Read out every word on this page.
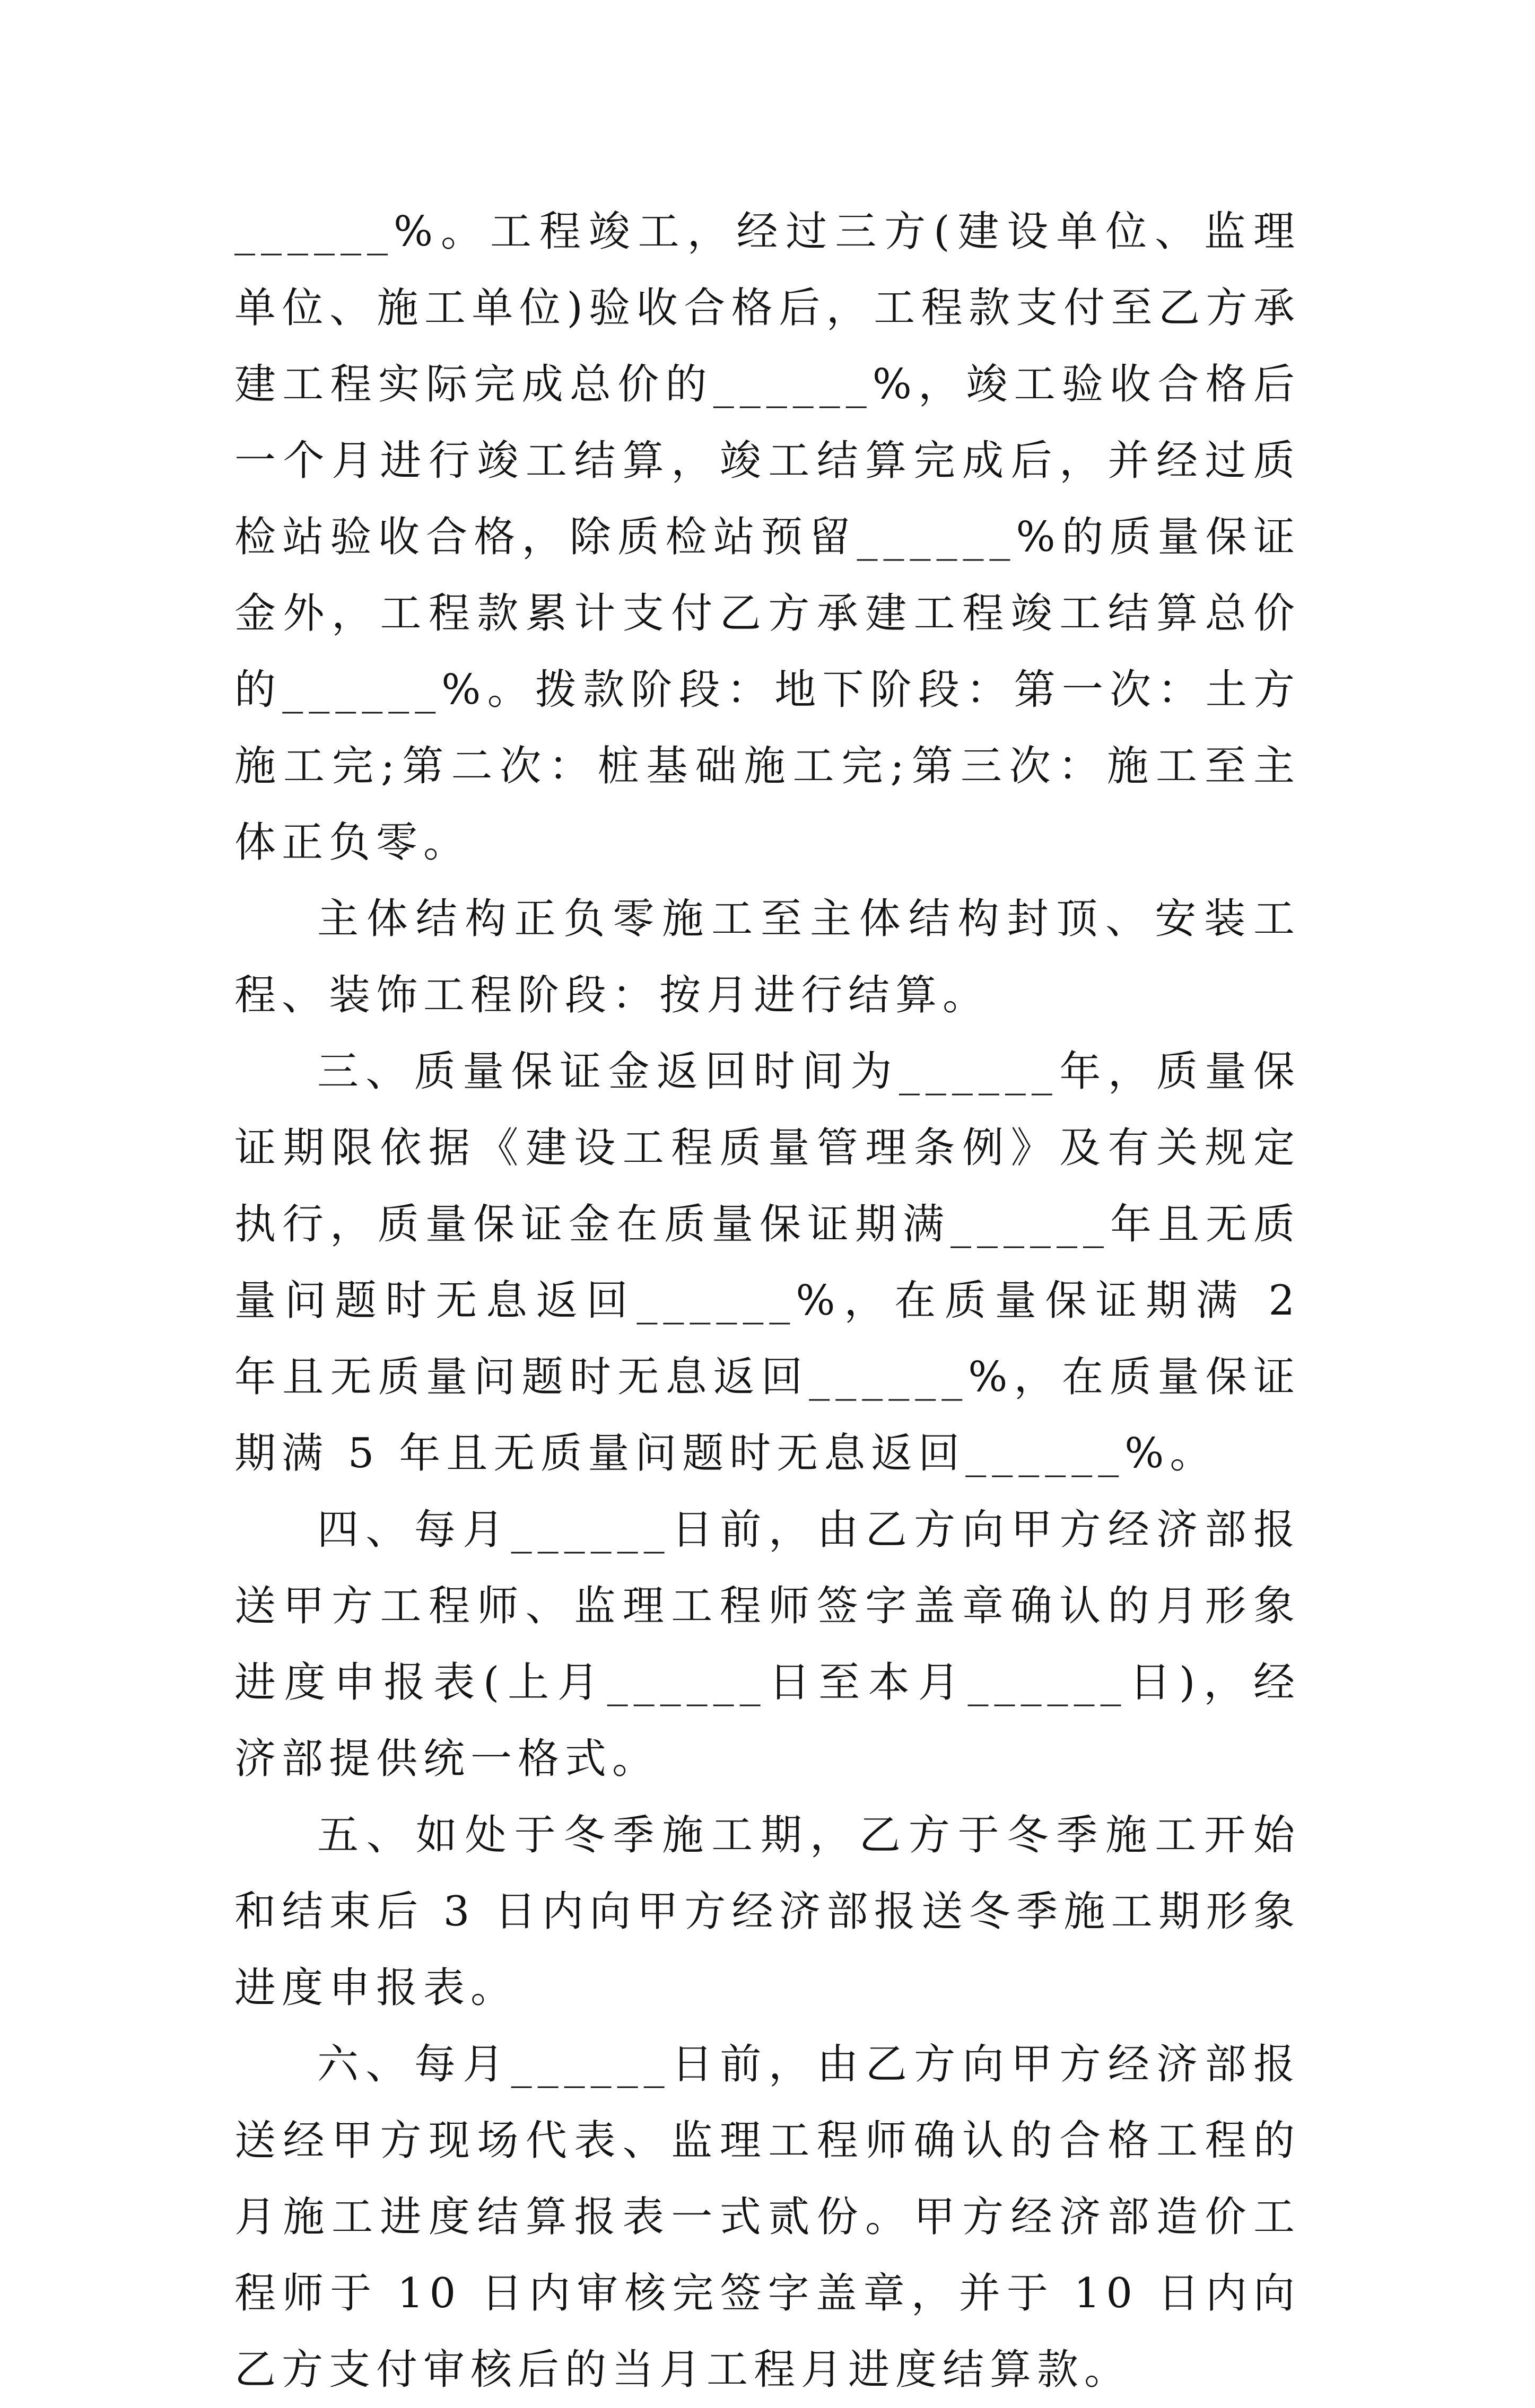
______%。工程竣工，经过三方(建设单位、监理单位、施工单位)验收合格后，工程款支付至乙方承建工程实际完成总价的______%，竣工验收合格后一个月进行竣工结算，竣工结算完成后，并经过质检站验收合格，除质检站预留______%的质量保证金外，工程款累计支付乙方承建工程竣工结算总价的______%。拨款阶段：地下阶段：第一次：土方施工完;第二次：桩基础施工完;第三次：施工至主体正负零。

主体结构正负零施工至主体结构封顶、安装工程、装饰工程阶段：按月进行结算。

三、质量保证金返回时间为______年，质量保证期限依据《建设工程质量管理条例》及有关规定执行，质量保证金在质量保证期满______年且无质量问题时无息返回______%，在质量保证期满 2 年且无质量问题时无息返回______%，在质量保证期满 5 年且无质量问题时无息返回______%。

四、每月______日前，由乙方向甲方经济部报送甲方工程师、监理工程师签字盖章确认的月形象进度申报表(上月______日至本月______日)，经济部提供统一格式。

五、如处于冬季施工期，乙方于冬季施工开始和结束后 3 日内向甲方经济部报送冬季施工期形象进度申报表。

六、每月______日前，由乙方向甲方经济部报送经甲方现场代表、监理工程师确认的合格工程的月施工进度结算报表一式贰份。甲方经济部造价工程师于 10 日内审核完签字盖章，并于 10 日内向乙方支付审核后的当月工程月进度结算款。
